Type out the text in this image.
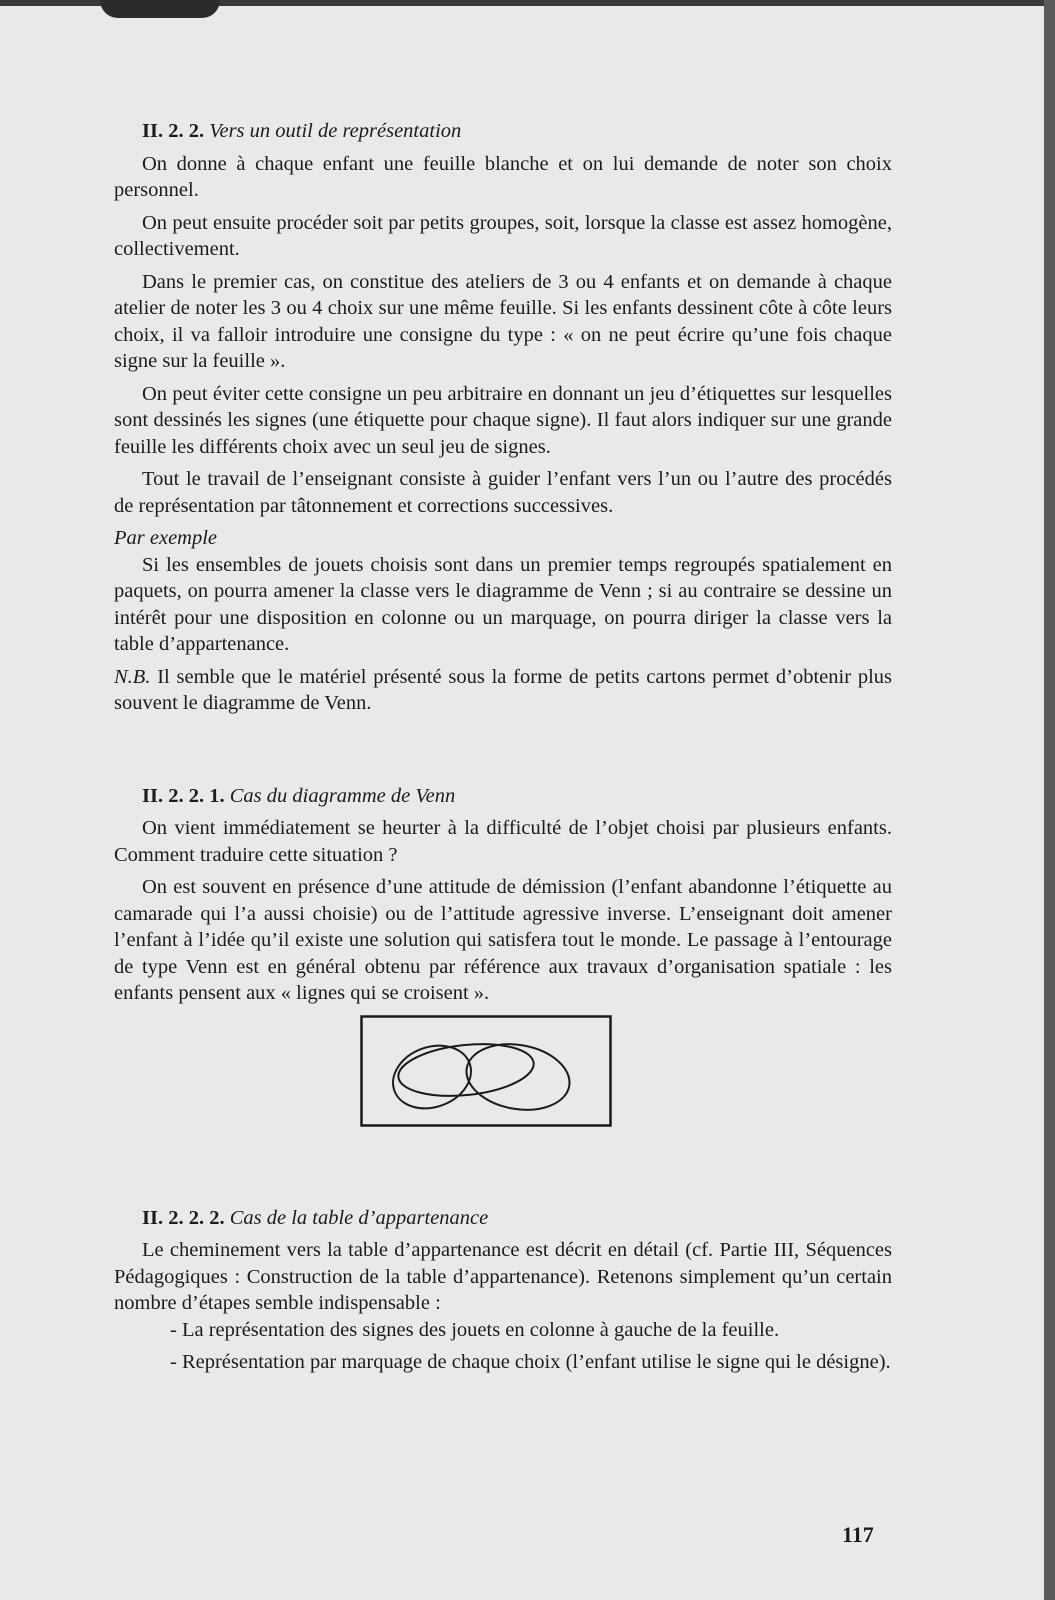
II. 2. 2. Vers un outil de représentation

On donne à chaque enfant une feuille blanche et on lui demande de noter son choix personnel.

On peut ensuite procéder soit par petits groupes, soit, lorsque la classe est assez homogène, collectivement.

Dans le premier cas, on constitue des ateliers de 3 ou 4 enfants et on demande à chaque atelier de noter les 3 ou 4 choix sur une même feuille. Si les enfants dessinent côte à côte leurs choix, il va falloir introduire une consigne du type : « on ne peut écrire qu’une fois chaque signe sur la feuille ».

On peut éviter cette consigne un peu arbitraire en donnant un jeu d’étiquettes sur lesquelles sont dessinés les signes (une étiquette pour chaque signe). Il faut alors indiquer sur une grande feuille les différents choix avec un seul jeu de signes.

Tout le travail de l’enseignant consiste à guider l’enfant vers l’un ou l’autre des procédés de représentation par tâtonnement et corrections successives.

Par exemple

Si les ensembles de jouets choisis sont dans un premier temps regroupés spatialement en paquets, on pourra amener la classe vers le diagramme de Venn ; si au contraire se dessine un intérêt pour une disposition en colonne ou un marquage, on pourra diriger la classe vers la table d’appartenance.

N.B. Il semble que le matériel présenté sous la forme de petits cartons permet d’obtenir plus souvent le diagramme de Venn.

II. 2. 2. 1. Cas du diagramme de Venn

On vient immédiatement se heurter à la difficulté de l’objet choisi par plusieurs enfants. Comment traduire cette situation ?

On est souvent en présence d’une attitude de démission (l’enfant abandonne l’étiquette au camarade qui l’a aussi choisie) ou de l’attitude agressive inverse. L’enseignant doit amener l’enfant à l’idée qu’il existe une solution qui satisfera tout le monde. Le passage à l’entourage de type Venn est en général obtenu par référence aux travaux d’organisation spatiale : les enfants pensent aux « lignes qui se croisent ».

II. 2. 2. 2. Cas de la table d’appartenance

Le cheminement vers la table d’appartenance est décrit en détail (cf. Partie III, Séquences Pédagogiques : Construction de la table d’appartenance). Retenons simplement qu’un certain nombre d’étapes semble indispensable :

- La représentation des signes des jouets en colonne à gauche de la feuille.

- Représentation par marquage de chaque choix (l’enfant utilise le signe qui le désigne).

117
